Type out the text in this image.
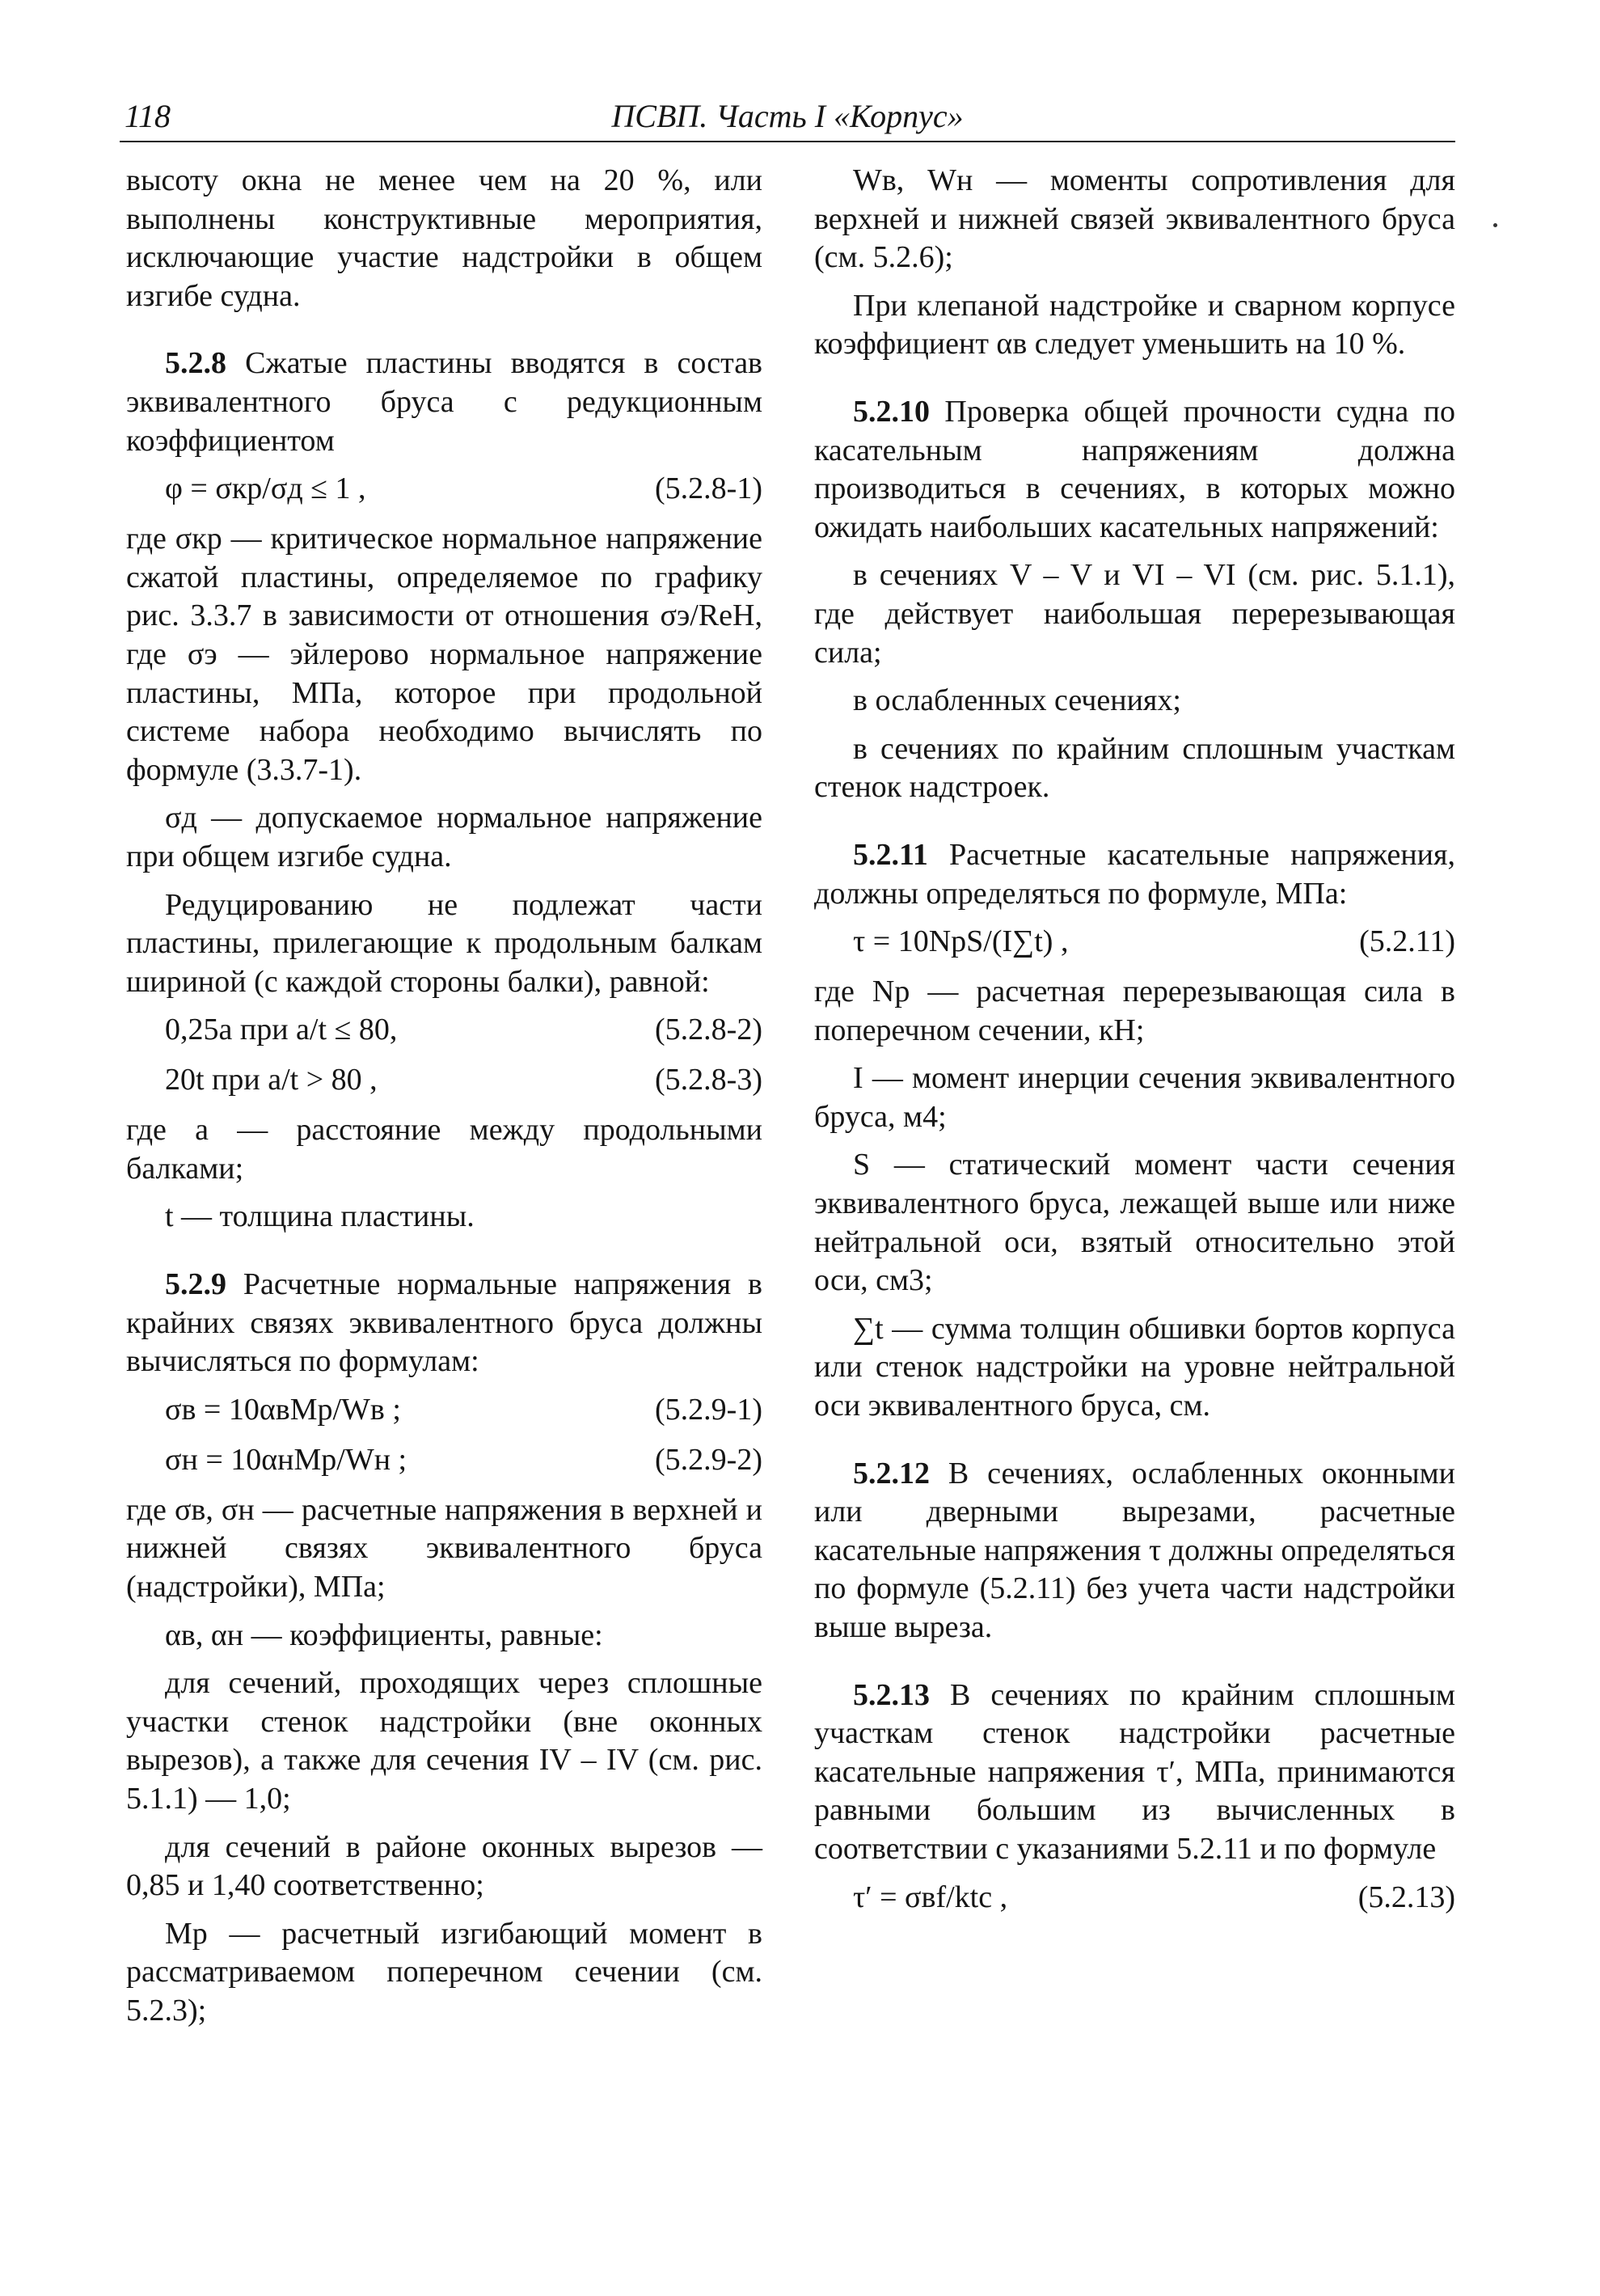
118	ПСВП. Часть I «Корпус»

высоту окна не менее чем на 20 %, или выполнены конструктивные мероприятия, исключающие участие надстройки в общем изгибе судна.

5.2.8 Сжатые пластины вводятся в состав эквивалентного бруса с редукционным коэффициентом

φ = σкр/σд ≤ 1 ,	(5.2.8-1)

где σкр — критическое нормальное напряжение сжатой пластины, определяемое по графику рис. 3.3.7 в зависимости от отношения σэ/ReH, где σэ — эйлерово нормальное напряжение пластины, МПа, которое при продольной системе набора необходимо вычислять по формуле (3.3.7-1).

σд — допускаемое нормальное напряжение при общем изгибе судна.

Редуцированию не подлежат части пластины, прилегающие к продольным балкам шириной (с каждой стороны балки), равной:

0,25a при a/t ≤ 80,	(5.2.8-2)
20t при a/t > 80 ,	(5.2.8-3)

где a — расстояние между продольными балками;

t — толщина пластины.

5.2.9 Расчетные нормальные напряжения в крайних связях эквивалентного бруса должны вычисляться по формулам:

σв = 10αвMр/Wв ;	(5.2.9-1)
σн = 10αнMр/Wн ;	(5.2.9-2)

где σв, σн — расчетные напряжения в верхней и нижней связях эквивалентного бруса (надстройки), МПа;

αв, αн — коэффициенты, равные:

для сечений, проходящих через сплошные участки стенок надстройки (вне оконных вырезов), а также для сечения IV – IV (см. рис. 5.1.1) — 1,0;

для сечений в районе оконных вырезов — 0,85 и 1,40 соответственно;

Mр — расчетный изгибающий момент в рассматриваемом поперечном сечении (см. 5.2.3);

Wв, Wн — моменты сопротивления для верхней и нижней связей эквивалентного бруса (см. 5.2.6);

При клепаной надстройке и сварном корпусе коэффициент αв следует уменьшить на 10 %.

5.2.10 Проверка общей прочности судна по касательным напряжениям должна производиться в сечениях, в которых можно ожидать наибольших касательных напряжений:

в сечениях V – V и VI – VI (см. рис. 5.1.1), где действует наибольшая перерезывающая сила;

в ослабленных сечениях;

в сечениях по крайним сплошным участкам стенок надстроек.

5.2.11 Расчетные касательные напряжения, должны определяться по формуле, МПа:

τ = 10NрS/(I∑t) ,	(5.2.11)

где Nр — расчетная перерезывающая сила в поперечном сечении, кН;

I — момент инерции сечения эквивалентного бруса, м4;

S — статический момент части сечения эквивалентного бруса, лежащей выше или ниже нейтральной оси, взятый относительно этой оси, см3;

∑t — сумма толщин обшивки бортов корпуса или стенок надстройки на уровне нейтральной оси эквивалентного бруса, см.

5.2.12 В сечениях, ослабленных оконными или дверными вырезами, расчетные касательные напряжения τ должны определяться по формуле (5.2.11) без учета части надстройки выше выреза.

5.2.13 В сечениях по крайним сплошным участкам стенок надстройки расчетные касательные напряжения τ′, МПа, принимаются равными большим из вычисленных в соответствии с указаниями 5.2.11 и по формуле

τ′ = σвf/ktc ,	(5.2.13)
